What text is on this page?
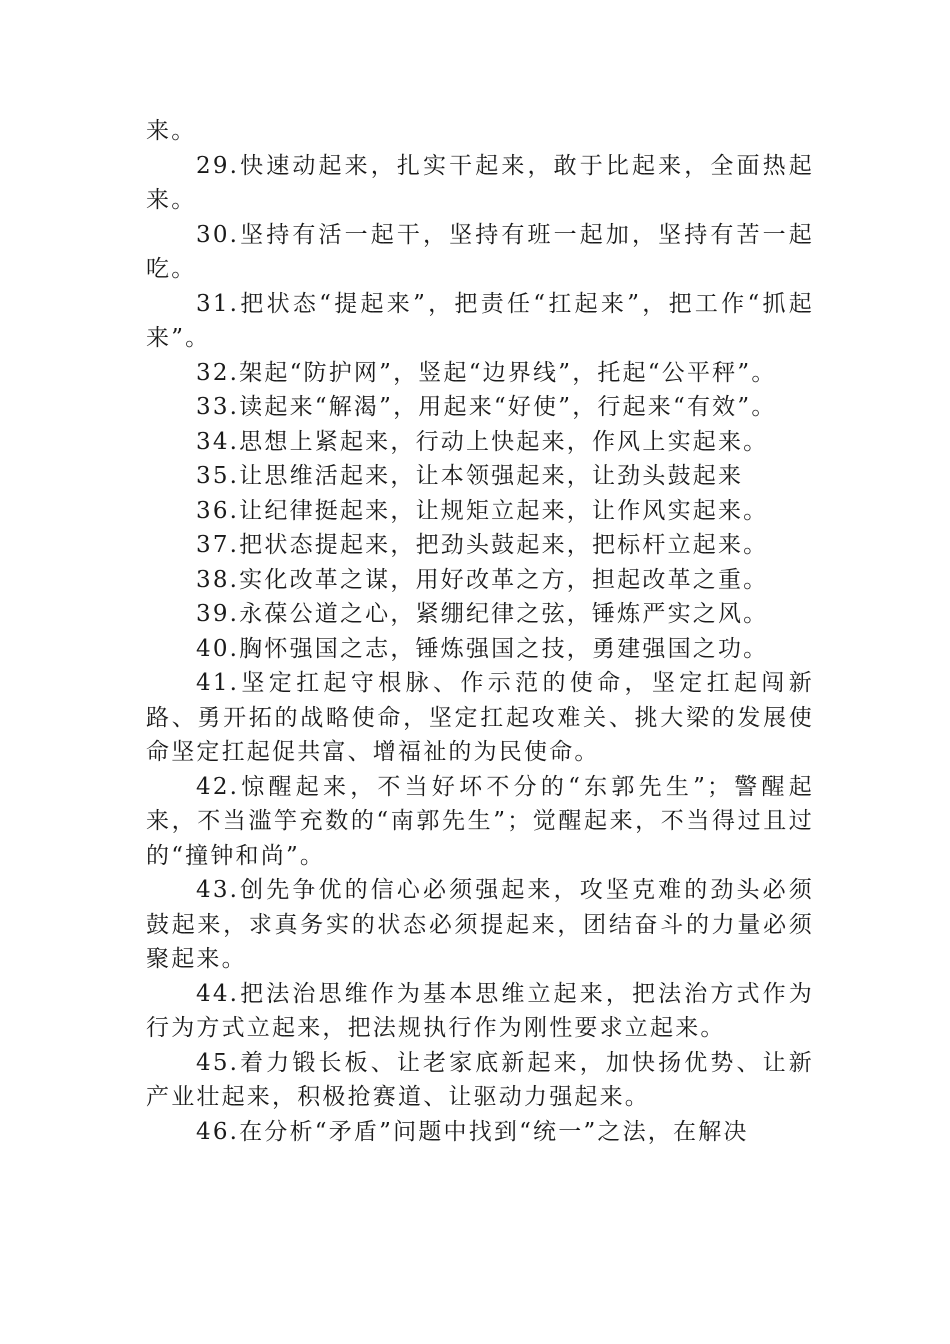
来。

29.快速动起来，扎实干起来，敢于比起来，全面热起来。

30.坚持有活一起干，坚持有班一起加，坚持有苦一起吃。

31.把状态“提起来”，把责任“扛起来”，把工作“抓起来”。

32.架起“防护网”，竖起“边界线”，托起“公平秤”。

33.读起来“解渴”，用起来“好使”，行起来“有效”。

34.思想上紧起来，行动上快起来，作风上实起来。

35.让思维活起来，让本领强起来，让劲头鼓起来

36.让纪律挺起来，让规矩立起来，让作风实起来。

37.把状态提起来，把劲头鼓起来，把标杆立起来。

38.实化改革之谋，用好改革之方，担起改革之重。

39.永葆公道之心，紧绷纪律之弦，锤炼严实之风。

40.胸怀强国之志，锤炼强国之技，勇建强国之功。

41.坚定扛起守根脉、作示范的使命，坚定扛起闯新路、勇开拓的战略使命，坚定扛起攻难关、挑大梁的发展使命坚定扛起促共富、增福祉的为民使命。

42.惊醒起来，不当好坏不分的“东郭先生”；警醒起来，不当滥竽充数的“南郭先生”；觉醒起来，不当得过且过的“撞钟和尚”。

43.创先争优的信心必须强起来，攻坚克难的劲头必须鼓起来，求真务实的状态必须提起来，团结奋斗的力量必须聚起来。

44.把法治思维作为基本思维立起来，把法治方式作为行为方式立起来，把法规执行作为刚性要求立起来。

45.着力锻长板、让老家底新起来，加快扬优势、让新产业壮起来，积极抢赛道、让驱动力强起来。

46.在分析“矛盾”问题中找到“统一”之法，在解决
